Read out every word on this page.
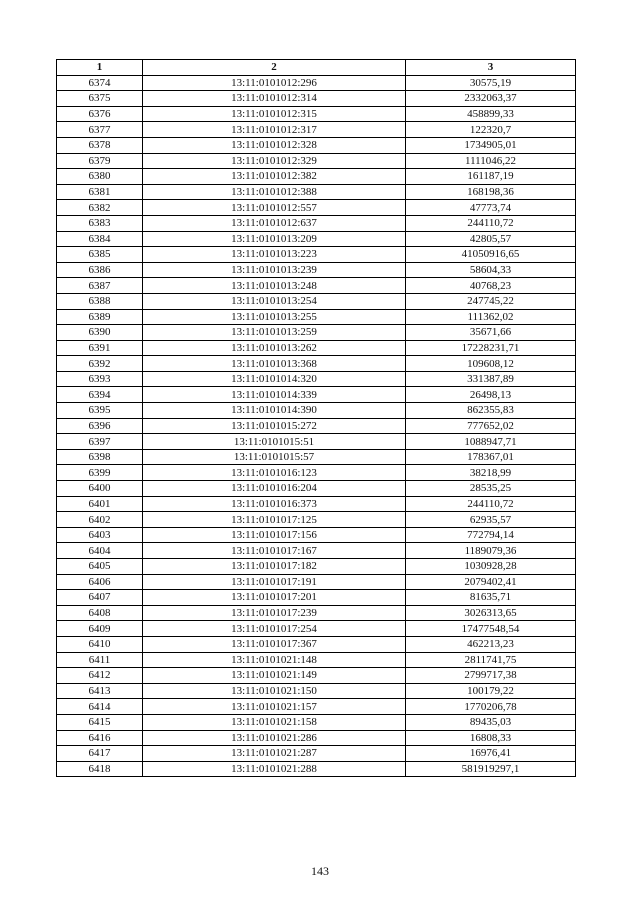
1	2	3
6374	13:11:0101012:296	30575,19
6375	13:11:0101012:314	2332063,37
6376	13:11:0101012:315	458899,33
6377	13:11:0101012:317	122320,7
6378	13:11:0101012:328	1734905,01
6379	13:11:0101012:329	1111046,22
6380	13:11:0101012:382	161187,19
6381	13:11:0101012:388	168198,36
6382	13:11:0101012:557	47773,74
6383	13:11:0101012:637	244110,72
6384	13:11:0101013:209	42805,57
6385	13:11:0101013:223	41050916,65
6386	13:11:0101013:239	58604,33
6387	13:11:0101013:248	40768,23
6388	13:11:0101013:254	247745,22
6389	13:11:0101013:255	111362,02
6390	13:11:0101013:259	35671,66
6391	13:11:0101013:262	17228231,71
6392	13:11:0101013:368	109608,12
6393	13:11:0101014:320	331387,89
6394	13:11:0101014:339	26498,13
6395	13:11:0101014:390	862355,83
6396	13:11:0101015:272	777652,02
6397	13:11:0101015:51	1088947,71
6398	13:11:0101015:57	178367,01
6399	13:11:0101016:123	38218,99
6400	13:11:0101016:204	28535,25
6401	13:11:0101016:373	244110,72
6402	13:11:0101017:125	62935,57
6403	13:11:0101017:156	772794,14
6404	13:11:0101017:167	1189079,36
6405	13:11:0101017:182	1030928,28
6406	13:11:0101017:191	2079402,41
6407	13:11:0101017:201	81635,71
6408	13:11:0101017:239	3026313,65
6409	13:11:0101017:254	17477548,54
6410	13:11:0101017:367	462213,23
6411	13:11:0101021:148	2811741,75
6412	13:11:0101021:149	2799717,38
6413	13:11:0101021:150	100179,22
6414	13:11:0101021:157	1770206,78
6415	13:11:0101021:158	89435,03
6416	13:11:0101021:286	16808,33
6417	13:11:0101021:287	16976,41
6418	13:11:0101021:288	581919297,1
143
